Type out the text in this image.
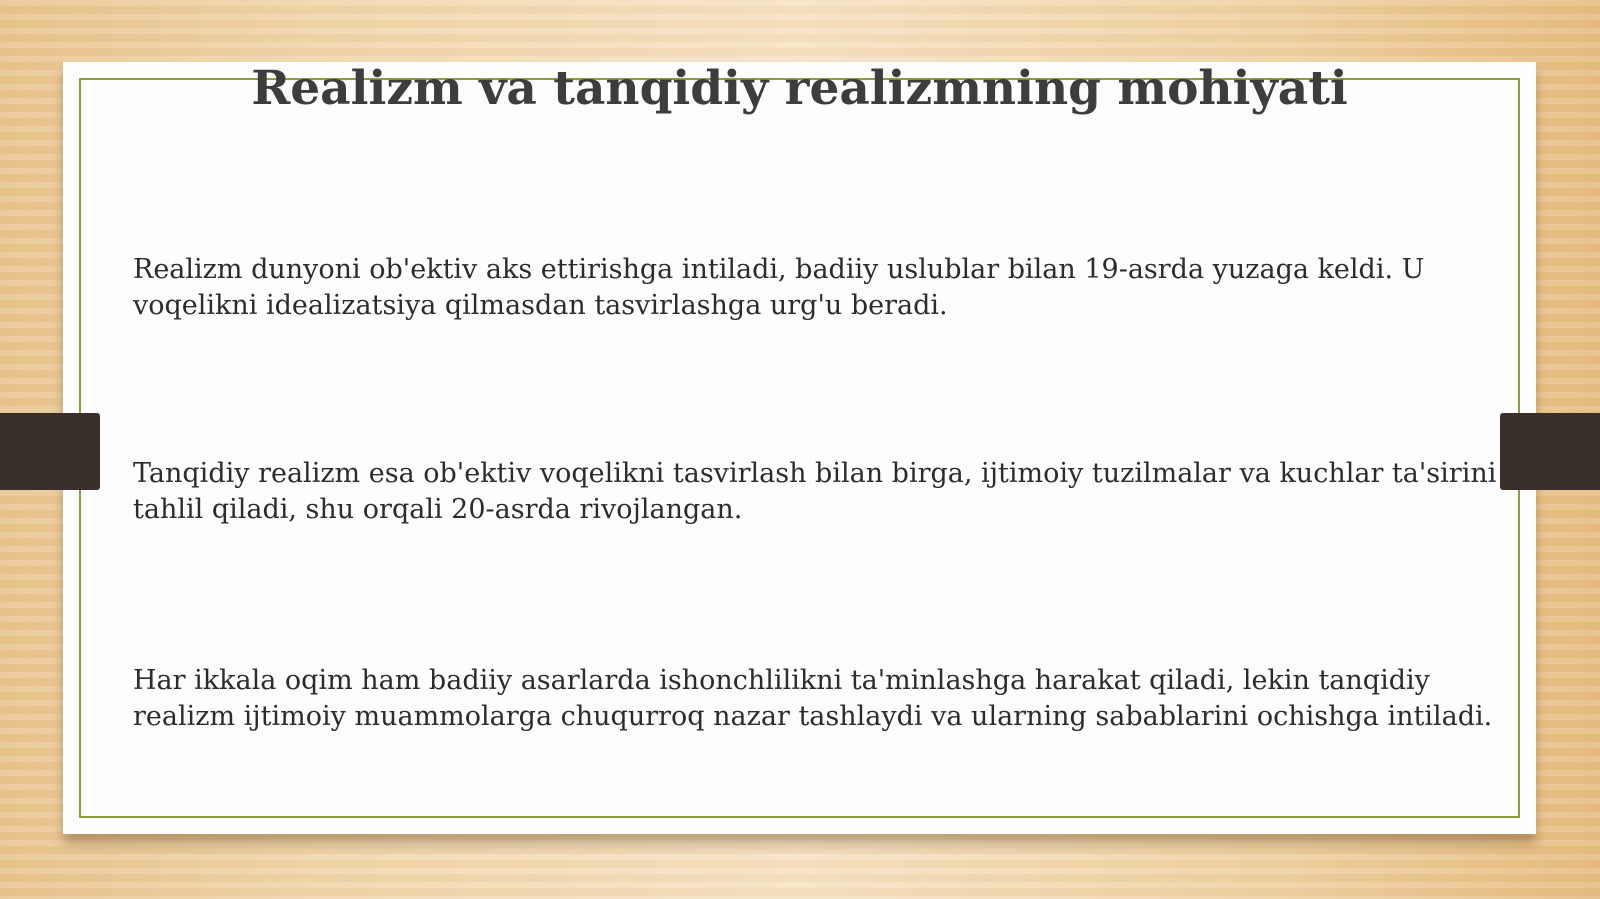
Realizm va tanqidiy realizmning mohiyati

Realizm dunyoni ob'ektiv aks ettirishga intiladi, badiiy uslublar bilan 19-asrda yuzaga keldi. U voqelikni idealizatsiya qilmasdan tasvirlashga urg'u beradi.

Tanqidiy realizm esa ob'ektiv voqelikni tasvirlash bilan birga, ijtimoiy tuzilmalar va kuchlar ta'sirini tahlil qiladi, shu orqali 20-asrda rivojlangan.

Har ikkala oqim ham badiiy asarlarda ishonchlilikni ta'minlashga harakat qiladi, lekin tanqidiy realizm ijtimoiy muammolarga chuqurroq nazar tashlaydi va ularning sabablarini ochishga intiladi.
